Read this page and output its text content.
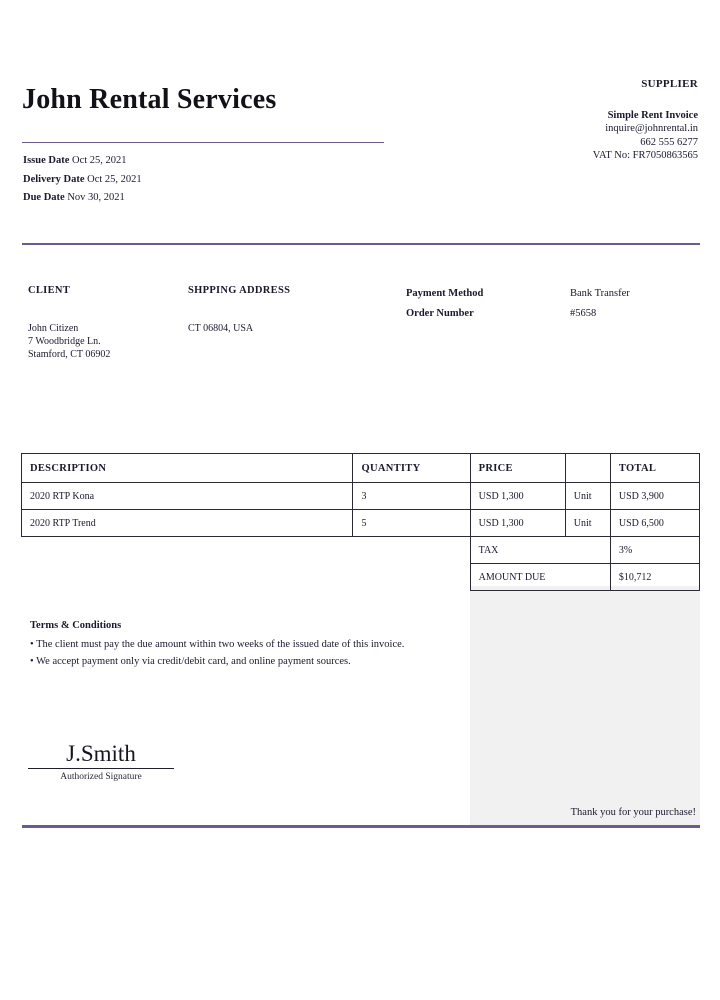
John Rental Services
Issue Date Oct 25, 2021
Delivery Date Oct 25, 2021
Due Date Nov 30, 2021
SUPPLIER
Simple Rent Invoice
inquire@johnrental.in
662 555 6277
VAT No: FR7050863565
CLIENT
John Citizen
7 Woodbridge Ln.
Stamford, CT 06902
SHPPING ADDRESS
CT 06804, USA
Payment Method	Bank Transfer
Order Number	#5658
DESCRIPTION	QUANTITY	PRICE		TOTAL
2020 RTP Kona	3	USD 1,300	Unit	USD 3,900
2020 RTP Trend	5	USD 1,300	Unit	USD 6,500
		TAX		3%
		AMOUNT DUE		$10,712
Terms & Conditions
• The client must pay the due amount within two weeks of the issued date of this invoice.
• We accept payment only via credit/debit card, and online payment sources.
J.Smith
Authorized Signature
Thank you for your purchase!
